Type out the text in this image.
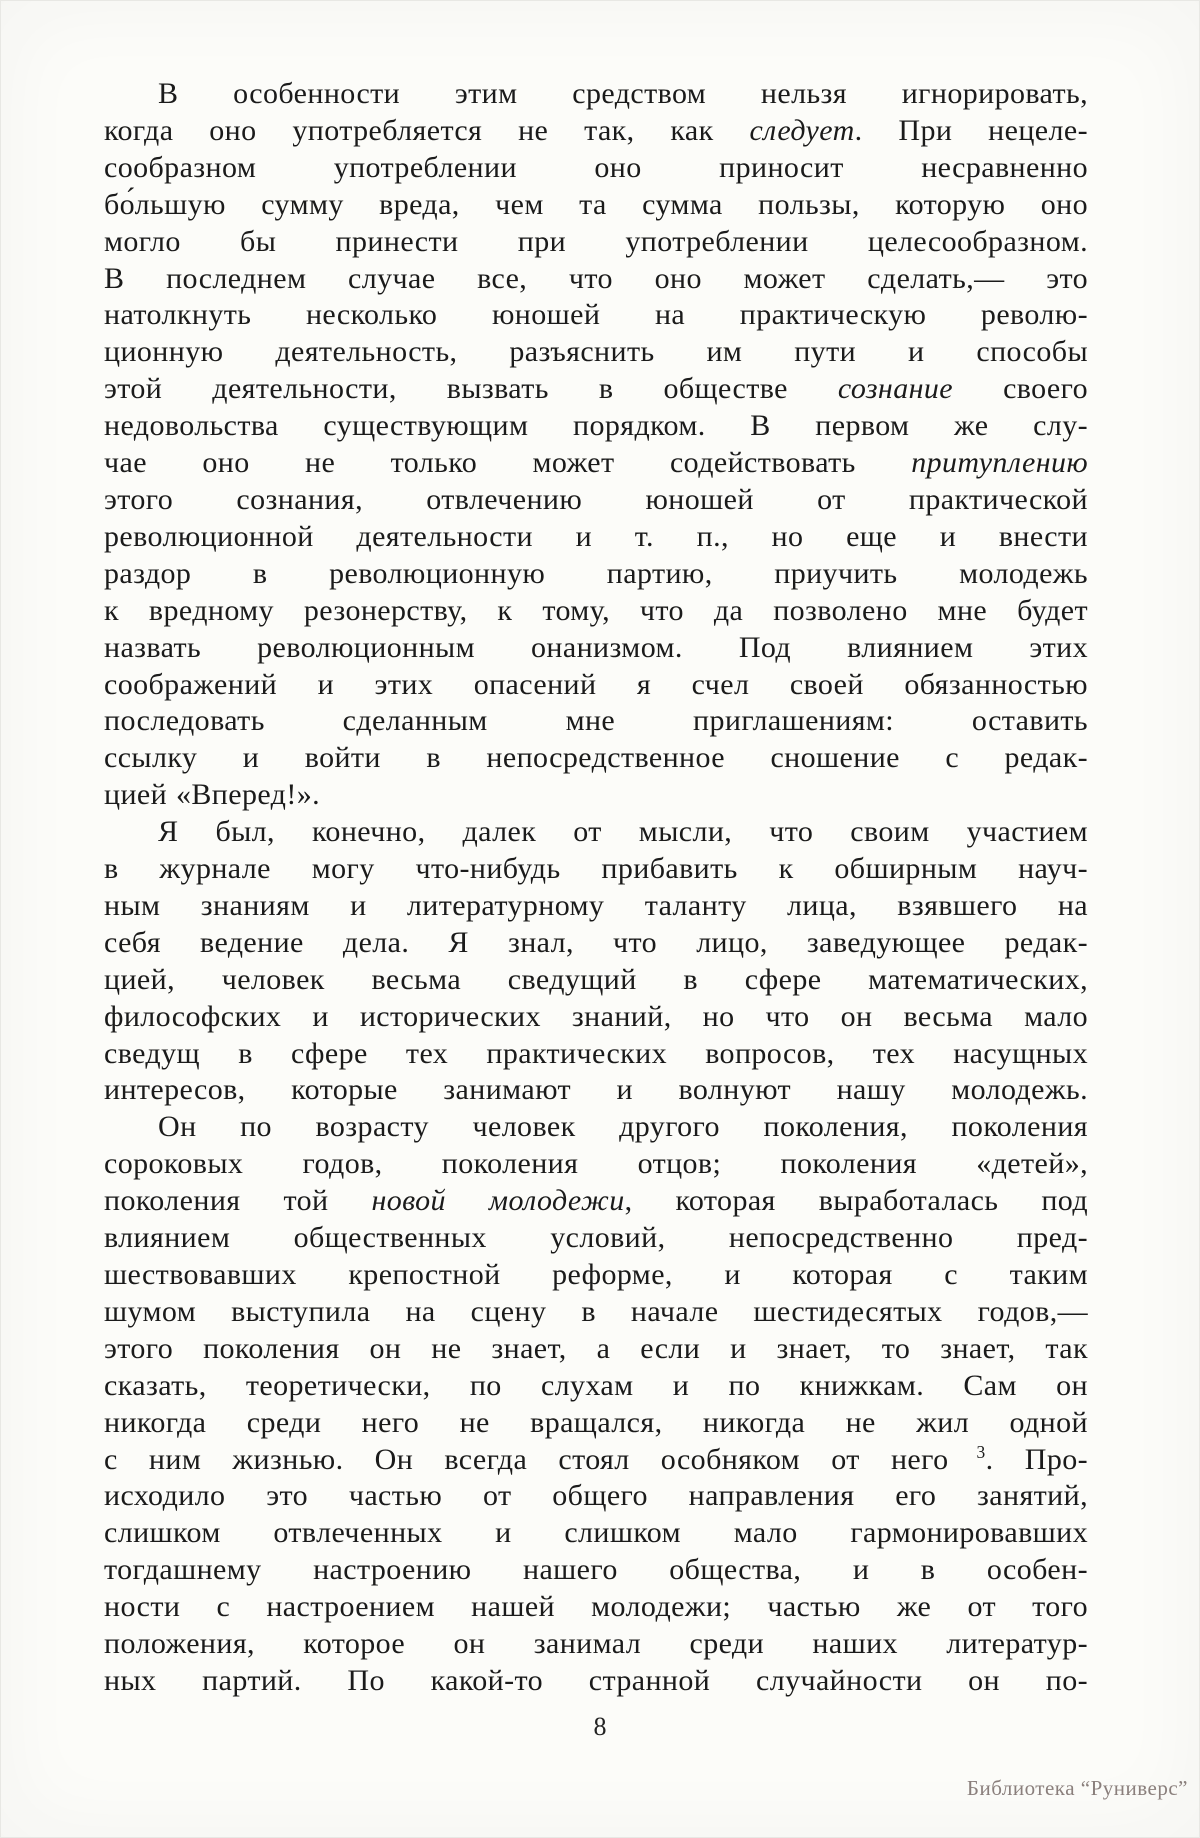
В особенности этим средством нельзя игнорировать,
когда оно употребляется не так, как следует. При нецеле-
сообразном употреблении оно приносит несравненно
бо́льшую сумму вреда, чем та сумма пользы, которую оно
могло бы принести при употреблении целесообразном.
В последнем случае все, что оно может сделать,— это
натолкнуть несколько юношей на практическую револю-
ционную деятельность, разъяснить им пути и способы
этой деятельности, вызвать в обществе сознание своего
недовольства существующим порядком. В первом же слу-
чае оно не только может содействовать притуплению
этого сознания, отвлечению юношей от практической
революционной деятельности и т. п., но еще и внести
раздор в революционную партию, приучить молодежь
к вредному резонерству, к тому, что да позволено мне будет
назвать революционным онанизмом. Под влиянием этих
соображений и этих опасений я счел своей обязанностью
последовать сделанным мне приглашениям: оставить
ссылку и войти в непосредственное сношение с редак-
цией «Вперед!».
Я был, конечно, далек от мысли, что своим участием
в журнале могу что-нибудь прибавить к обширным науч-
ным знаниям и литературному таланту лица, взявшего на
себя ведение дела. Я знал, что лицо, заведующее редак-
цией, человек весьма сведущий в сфере математических,
философских и исторических знаний, но что он весьма мало
сведущ в сфере тех практических вопросов, тех насущных
интересов, которые занимают и волнуют нашу молодежь.
Он по возрасту человек другого поколения, поколения
сороковых годов, поколения отцов; поколения «детей»,
поколения той новой молодежи, которая выработалась под
влиянием общественных условий, непосредственно пред-
шествовавших крепостной реформе, и которая с таким
шумом выступила на сцену в начале шестидесятых годов,—
этого поколения он не знает, а если и знает, то знает, так
сказать, теоретически, по слухам и по книжкам. Сам он
никогда среди него не вращался, никогда не жил одной
с ним жизнью. Он всегда стоял особняком от него $^3$. Про-
исходило это частью от общего направления его занятий,
слишком отвлеченных и слишком мало гармонировавших
тогдашнему настроению нашего общества, и в особен-
ности с настроением нашей молодежи; частью же от того
положения, которое он занимал среди наших литератур-
ных партий. По какой-то странной случайности он по-
8
Библиотека “Руниверс”
